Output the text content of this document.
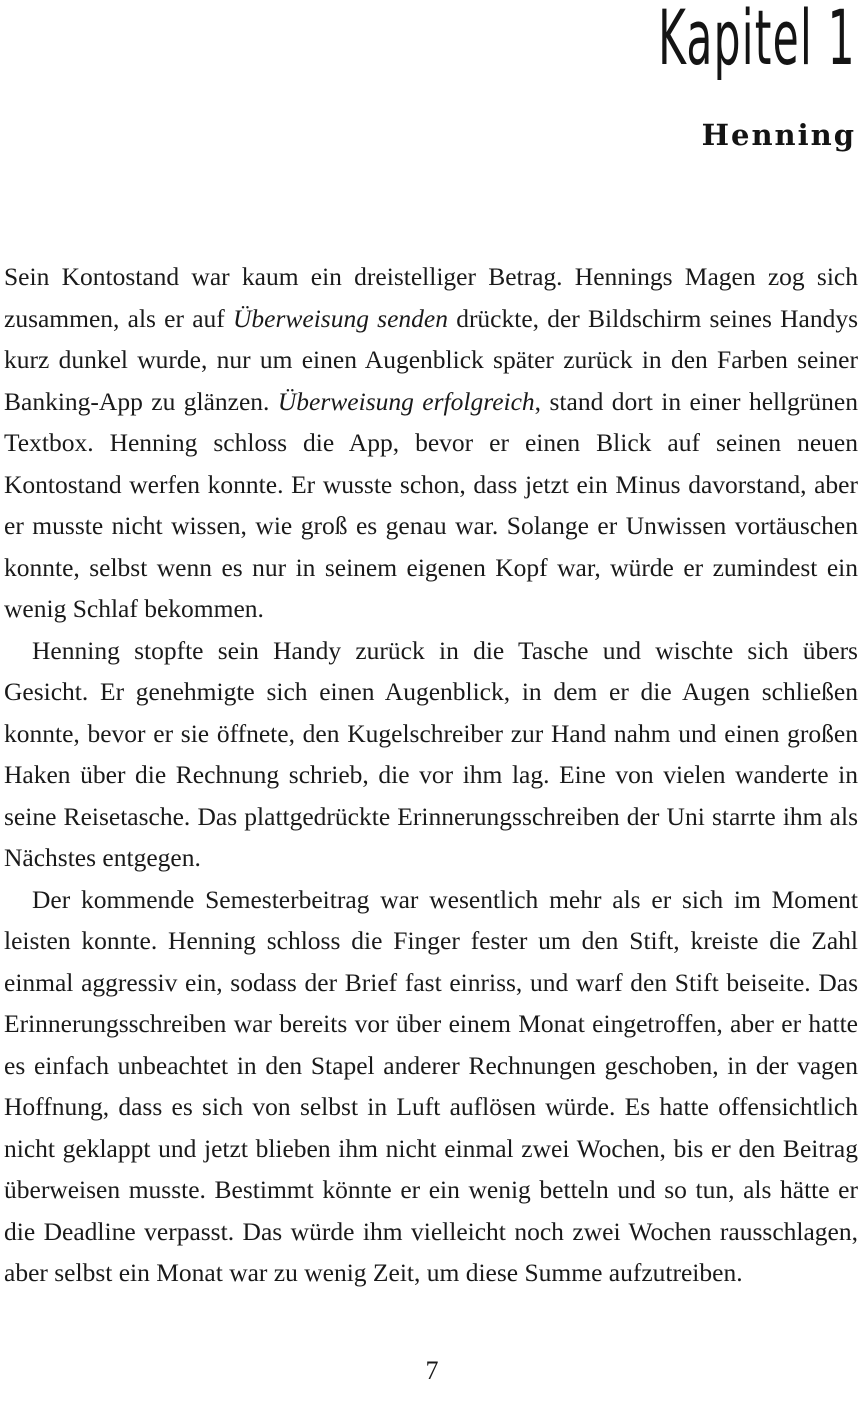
Kapitel 1
Henning

Sein Kontostand war kaum ein dreistelliger Betrag. Hennings Magen zog sich zusammen, als er auf Überweisung senden drückte, der Bildschirm seines Handys kurz dunkel wurde, nur um einen Augenblick später zurück in den Farben seiner Banking-App zu glänzen. Überweisung erfolgreich, stand dort in einer hellgrünen Textbox. Henning schloss die App, bevor er einen Blick auf seinen neuen Kontostand werfen konnte. Er wusste schon, dass jetzt ein Minus davorstand, aber er musste nicht wissen, wie groß es genau war. Solange er Unwissen vortäuschen konnte, selbst wenn es nur in seinem eigenen Kopf war, würde er zumindest ein wenig Schlaf bekommen.

Henning stopfte sein Handy zurück in die Tasche und wischte sich übers Gesicht. Er genehmigte sich einen Augenblick, in dem er die Augen schließen konnte, bevor er sie öffnete, den Kugelschreiber zur Hand nahm und einen großen Haken über die Rechnung schrieb, die vor ihm lag. Eine von vielen wanderte in seine Reisetasche. Das plattgedrückte Erinnerungsschreiben der Uni starrte ihm als Nächstes entgegen.

Der kommende Semesterbeitrag war wesentlich mehr als er sich im Moment leisten konnte. Henning schloss die Finger fester um den Stift, kreiste die Zahl einmal aggressiv ein, sodass der Brief fast einriss, und warf den Stift beiseite. Das Erinnerungsschreiben war bereits vor über einem Monat eingetroffen, aber er hatte es einfach unbeachtet in den Stapel anderer Rechnungen geschoben, in der vagen Hoffnung, dass es sich von selbst in Luft auflösen würde. Es hatte offensichtlich nicht geklappt und jetzt blieben ihm nicht einmal zwei Wochen, bis er den Beitrag überweisen musste. Bestimmt könnte er ein wenig betteln und so tun, als hätte er die Deadline verpasst. Das würde ihm vielleicht noch zwei Wochen rausschlagen, aber selbst ein Monat war zu wenig Zeit, um diese Summe aufzutreiben.

7
